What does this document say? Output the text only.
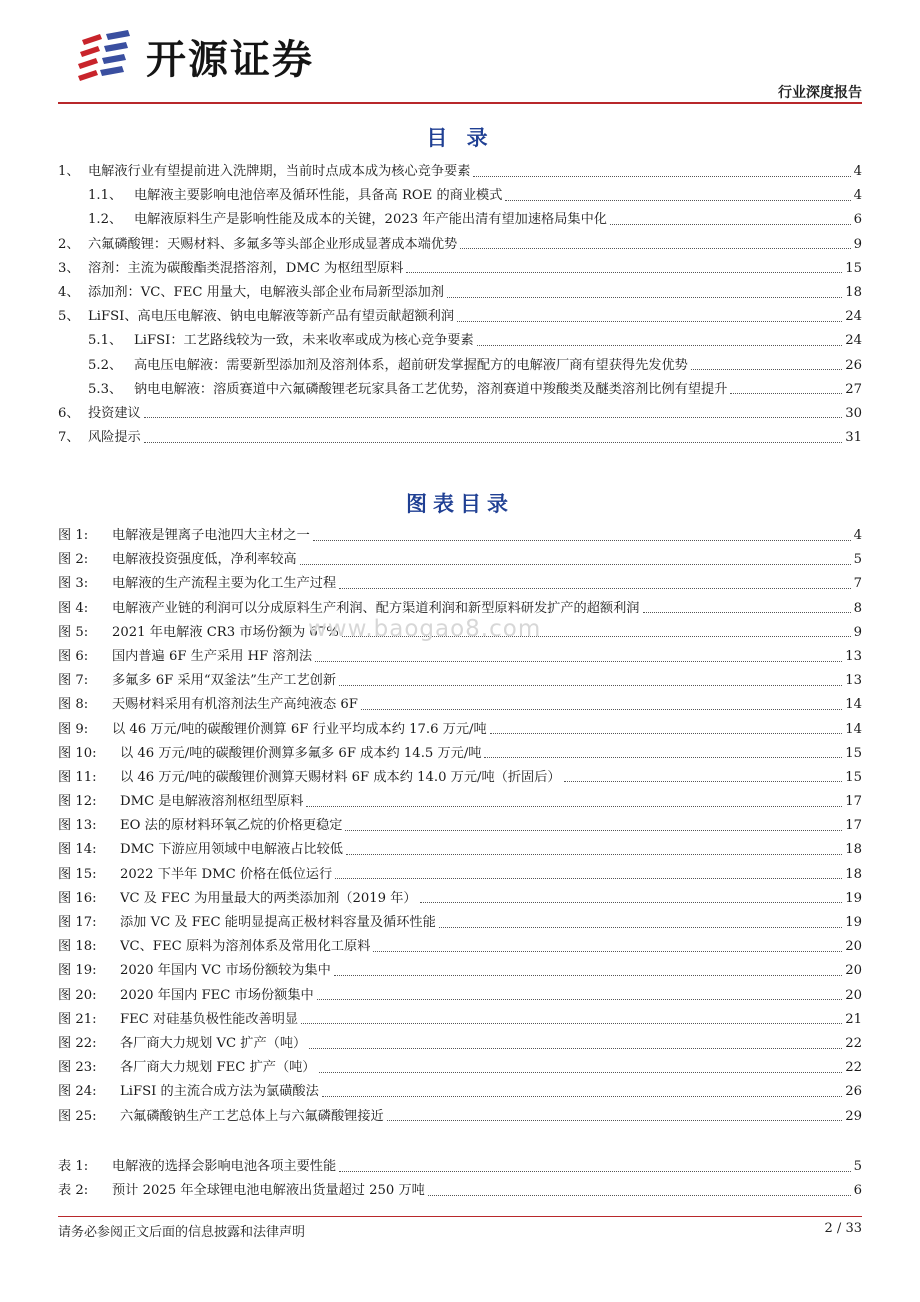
开源证券
行业深度报告
目 录
1、 电解液行业有望提前进入洗牌期，当前时点成本成为核心竞争要素	4
1.1、 电解液主要影响电池倍率及循环性能，具备高 ROE 的商业模式	4
1.2、 电解液原料生产是影响性能及成本的关键，2023 年产能出清有望加速格局集中化	6
2、 六氟磷酸锂：天赐材料、多氟多等头部企业形成显著成本端优势	9
3、 溶剂：主流为碳酸酯类混搭溶剂，DMC 为枢纽型原料	15
4、 添加剂：VC、FEC 用量大，电解液头部企业布局新型添加剂	18
5、 LiFSI、高电压电解液、钠电电解液等新产品有望贡献超额利润	24
5.1、 LiFSI：工艺路线较为一致，未来收率或成为核心竞争要素	24
5.2、 高电压电解液：需要新型添加剂及溶剂体系，超前研发掌握配方的电解液厂商有望获得先发优势	26
5.3、 钠电电解液：溶质赛道中六氟磷酸锂老玩家具备工艺优势，溶剂赛道中羧酸类及醚类溶剂比例有望提升	27
6、 投资建议	30
7、 风险提示	31
图表目录
图 1:	电解液是锂离子电池四大主材之一	4
图 2:	电解液投资强度低，净利率较高	5
图 3:	电解液的生产流程主要为化工生产过程	7
图 4:	电解液产业链的利润可以分成原料生产利润、配方渠道利润和新型原料研发扩产的超额利润	8
图 5:	2021 年电解液 CR3 市场份额为 67%	9
图 6:	国内普遍 6F 生产采用 HF 溶剂法	13
图 7:	多氟多 6F 采用“双釜法”生产工艺创新	13
图 8:	天赐材料采用有机溶剂法生产高纯液态 6F	14
图 9:	以 46 万元/吨的碳酸锂价测算 6F 行业平均成本约 17.6 万元/吨	14
图 10:	以 46 万元/吨的碳酸锂价测算多氟多 6F 成本约 14.5 万元/吨	15
图 11:	以 46 万元/吨的碳酸锂价测算天赐材料 6F 成本约 14.0 万元/吨（折固后）	15
图 12:	DMC 是电解液溶剂枢纽型原料	17
图 13:	EO 法的原材料环氧乙烷的价格更稳定	17
图 14:	DMC 下游应用领域中电解液占比较低	18
图 15:	2022 下半年 DMC 价格在低位运行	18
图 16:	VC 及 FEC 为用量最大的两类添加剂（2019 年）	19
图 17:	添加 VC 及 FEC 能明显提高正极材料容量及循环性能	19
图 18:	VC、FEC 原料为溶剂体系及常用化工原料	20
图 19:	2020 年国内 VC 市场份额较为集中	20
图 20:	2020 年国内 FEC 市场份额集中	20
图 21:	FEC 对硅基负极性能改善明显	21
图 22:	各厂商大力规划 VC 扩产（吨）	22
图 23:	各厂商大力规划 FEC 扩产（吨）	22
图 24:	LiFSI 的主流合成方法为氯磺酸法	26
图 25:	六氟磷酸钠生产工艺总体上与六氟磷酸锂接近	29
表 1:	电解液的选择会影响电池各项主要性能	5
表 2:	预计 2025 年全球锂电池电解液出货量超过 250 万吨	6
www.baogao8.com
请务必参阅正文后面的信息披露和法律声明	2 / 33
